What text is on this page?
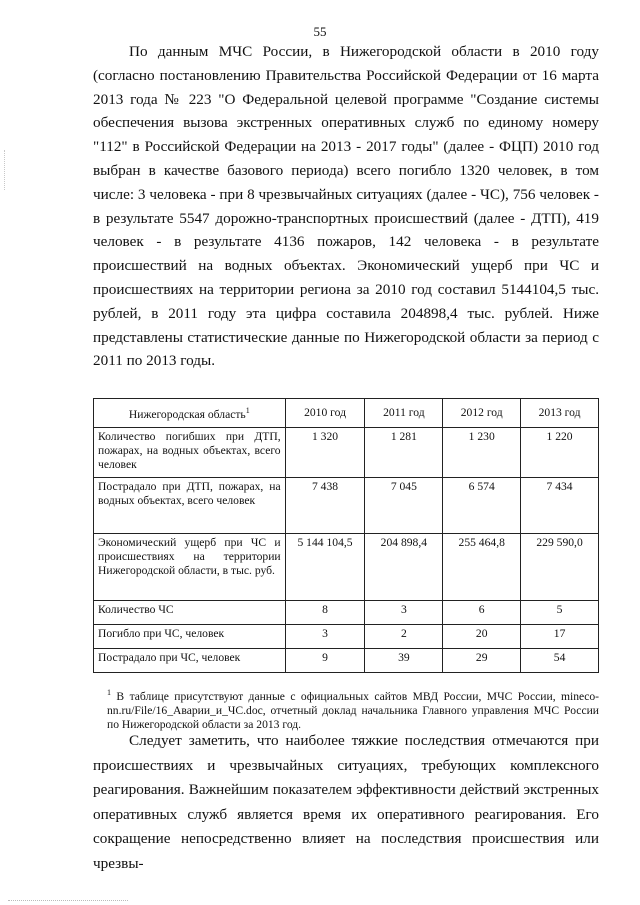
55

По данным МЧС России, в Нижегородской области в 2010 году (согласно постановлению Правительства Российской Федерации от 16 марта 2013 года № 223 "О Федеральной целевой программе "Создание системы обеспечения вызова экстренных оперативных служб по единому номеру "112" в Российской Федерации на 2013 - 2017 годы" (далее - ФЦП) 2010 год выбран в качестве базового периода) всего погибло 1320 человек, в том числе: 3 человека - при 8 чрезвычайных ситуациях (далее - ЧС), 756 человек - в результате 5547 дорожно-транспортных происшествий (далее - ДТП), 419 человек - в результате 4136 пожаров, 142 человека - в результате происшествий на водных объектах. Экономический ущерб при ЧС и происшествиях на территории региона за 2010 год составил 5144104,5 тыс. рублей, в 2011 году эта цифра составила 204898,4 тыс. рублей. Ниже представлены статистические данные по Нижегородской области за период с 2011 по 2013 годы.

Нижегородская область$^1$	2010 год	2011 год	2012 год	2013 год
Количество погибших при ДТП, пожарах, на водных объектах, всего человек	1 320	1 281	1 230	1 220
Пострадало при ДТП, пожарах, на водных объектах, всего человек	7 438	7 045	6 574	7 434
Экономический ущерб при ЧС и происшествиях на территории Нижегородской области, в тыс. руб.	5 144 104,5	204 898,4	255 464,8	229 590,0
Количество ЧС	8	3	6	5
Погибло при ЧС, человек	3	2	20	17
Пострадало при ЧС, человек	9	39	29	54

$^1$ В таблице присутствуют данные с официальных сайтов МВД России, МЧС России, mineco-nn.ru/File/16_Аварии_и_ЧС.doc, отчетный доклад начальника Главного управления МЧС России по Нижегородской области за 2013 год.

Следует заметить, что наиболее тяжкие последствия отмечаются при происшествиях и чрезвычайных ситуациях, требующих комплексного реагирования. Важнейшим показателем эффективности действий экстренных оперативных служб является время их оперативного реагирования. Его сокращение непосредственно влияет на последствия происшествия или чрезвы-
